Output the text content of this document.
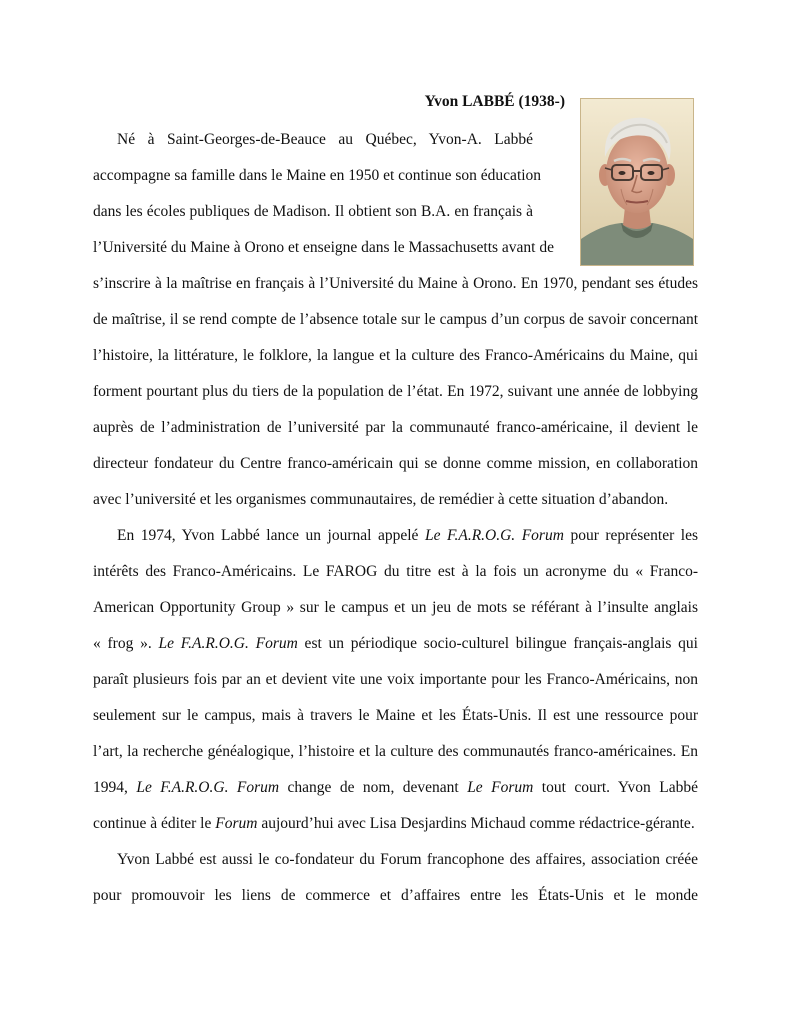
Yvon LABBÉ (1938-)
Né à Saint-Georges-de-Beauce au Québec, Yvon-A. Labbé
accompagne sa famille dans le Maine en 1950 et continue son éducation
dans les écoles publiques de Madison. Il obtient son B.A. en français à
l’Université du Maine à Orono et enseigne dans le Massachusetts avant de
s’inscrire à la maîtrise en français à l’Université du Maine à Orono. En 1970, pendant ses études
de maîtrise, il se rend compte de l’absence totale sur le campus d’un corpus de savoir concernant
l’histoire, la littérature, le folklore, la langue et la culture des Franco-Américains du Maine, qui
forment pourtant plus du tiers de la population de l’état. En 1972, suivant une année de lobbying
auprès de l’administration de l’université par la communauté franco-américaine, il devient le
directeur fondateur du Centre franco-américain qui se donne comme mission, en collaboration
avec l’université et les organismes communautaires, de remédier à cette situation d’abandon.
En 1974, Yvon Labbé lance un journal appelé Le F.A.R.O.G. Forum pour représenter les
intérêts des Franco-Américains. Le FAROG du titre est à la fois un acronyme du « Franco-
American Opportunity Group » sur le campus et un jeu de mots se référant à l’insulte anglais
« frog ». Le F.A.R.O.G. Forum est un périodique socio-culturel bilingue français-anglais qui
paraît plusieurs fois par an et devient vite une voix importante pour les Franco-Américains, non
seulement sur le campus, mais à travers le Maine et les États-Unis. Il est une ressource pour
l’art, la recherche généalogique, l’histoire et la culture des communautés franco-américaines. En
1994, Le F.A.R.O.G. Forum change de nom, devenant Le Forum tout court. Yvon Labbé
continue à éditer le Forum aujourd’hui avec Lisa Desjardins Michaud comme rédactrice-gérante.
Yvon Labbé est aussi le co-fondateur du Forum francophone des affaires, association créée
pour promouvoir les liens de commerce et d’affaires entre les États-Unis et le monde
